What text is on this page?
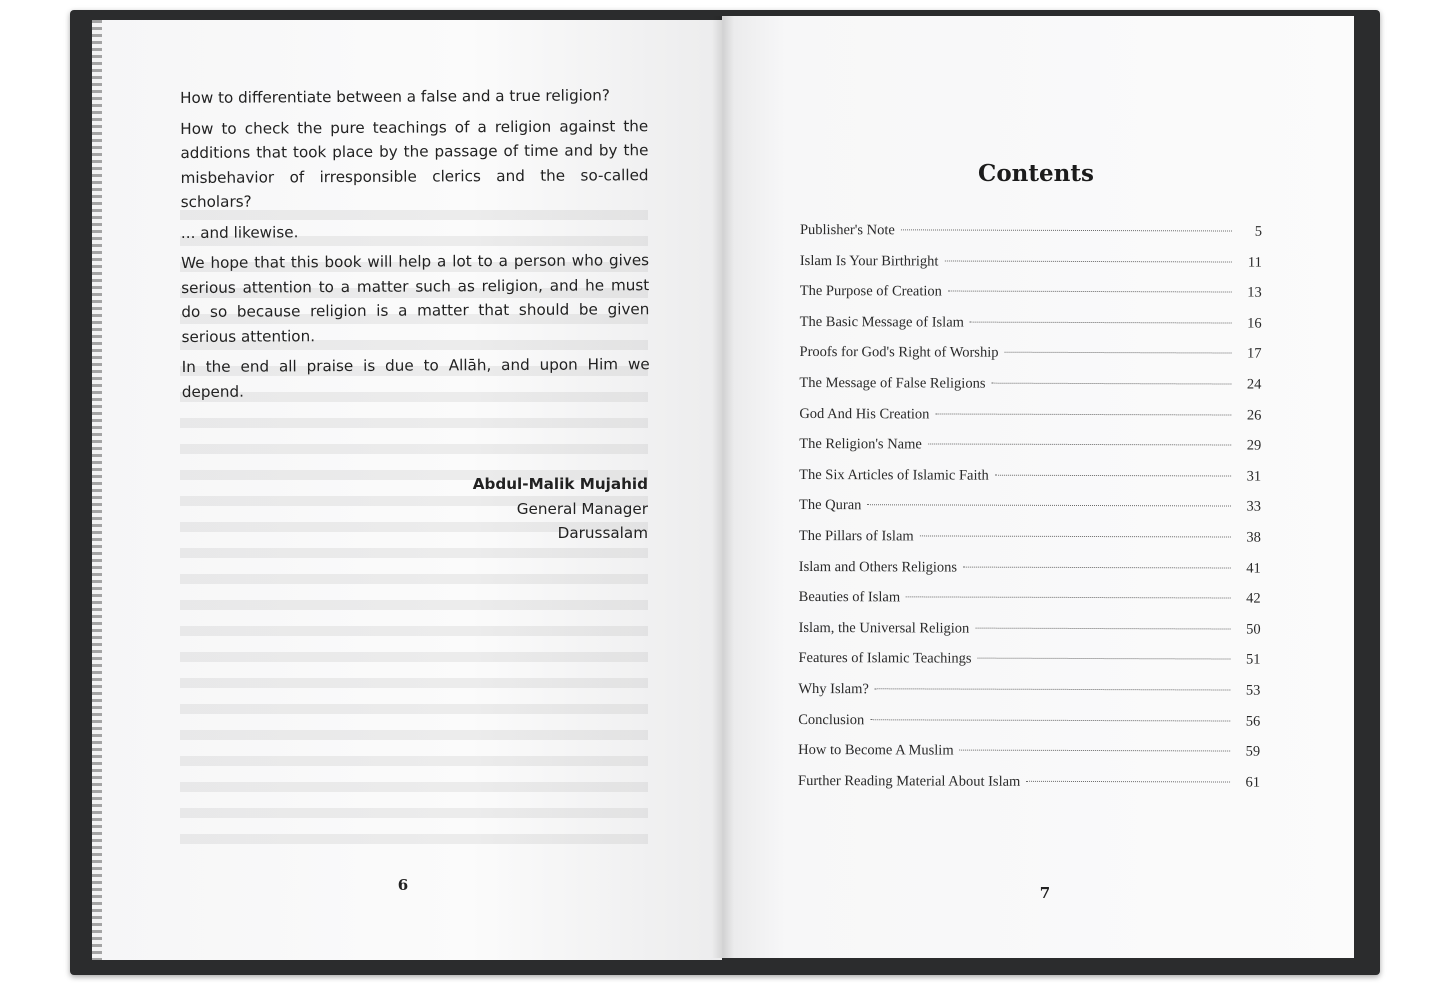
How to differentiate between a false and a true religion?

How to check the pure teachings of a religion against the additions that took place by the passage of time and by the misbehavior of irresponsible clerics and the so-called scholars?

... and likewise.

We hope that this book will help a lot to a person who gives serious attention to a matter such as religion, and he must do so because religion is a matter that should be given serious attention.

In the end all praise is due to Allāh, and upon Him we depend.

Abdul-Malik Mujahid
General Manager
Darussalam
6
Contents
Publisher's Note	5
Islam Is Your Birthright	11
The Purpose of Creation	13
The Basic Message of Islam	16
Proofs for God's Right of Worship	17
The Message of False Religions	24
God And His Creation	26
The Religion's Name	29
The Six Articles of Islamic Faith	31
The Quran	33
The Pillars of Islam	38
Islam and Others Religions	41
Beauties of Islam	42
Islam, the Universal Religion	50
Features of Islamic Teachings	51
Why Islam?	53
Conclusion	56
How to Become A Muslim	59
Further Reading Material About Islam	61
7
